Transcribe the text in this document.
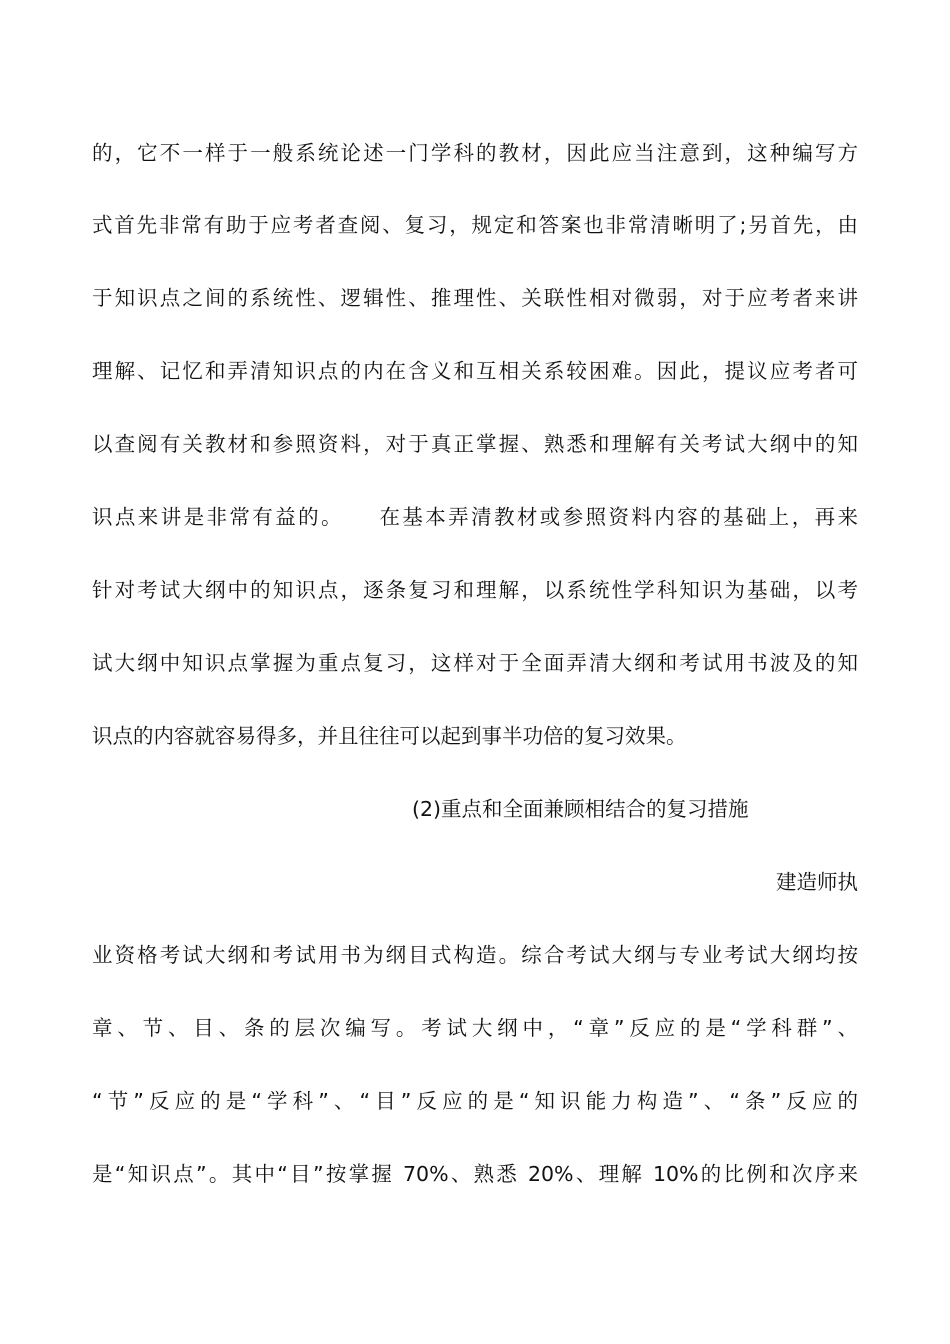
的，它不一样于一般系统论述一门学科的教材，因此应当注意到，这种编写方
式首先非常有助于应考者查阅、复习，规定和答案也非常清晰明了;另首先，由
于知识点之间的系统性、逻辑性、推理性、关联性相对微弱，对于应考者来讲
理解、记忆和弄清知识点的内在含义和互相关系较困难。因此，提议应考者可
以查阅有关教材和参照资料，对于真正掌握、熟悉和理解有关考试大纲中的知
识点来讲是非常有益的。　　在基本弄清教材或参照资料内容的基础上，再来
针对考试大纲中的知识点，逐条复习和理解，以系统性学科知识为基础，以考
试大纲中知识点掌握为重点复习，这样对于全面弄清大纲和考试用书波及的知
识点的内容就容易得多，并且往往可以起到事半功倍的复习效果。
(2)重点和全面兼顾相结合的复习措施
建造师执
业资格考试大纲和考试用书为纲目式构造。综合考试大纲与专业考试大纲均按
章、节、目、条的层次编写。考试大纲中，“章”反应的是“学科群”、
“节”反应的是“学科”、“目”反应的是“知识能力构造”、“条”反应的
是“知识点”。其中“目”按掌握 70%、熟悉 20%、理解 10%的比例和次序来
